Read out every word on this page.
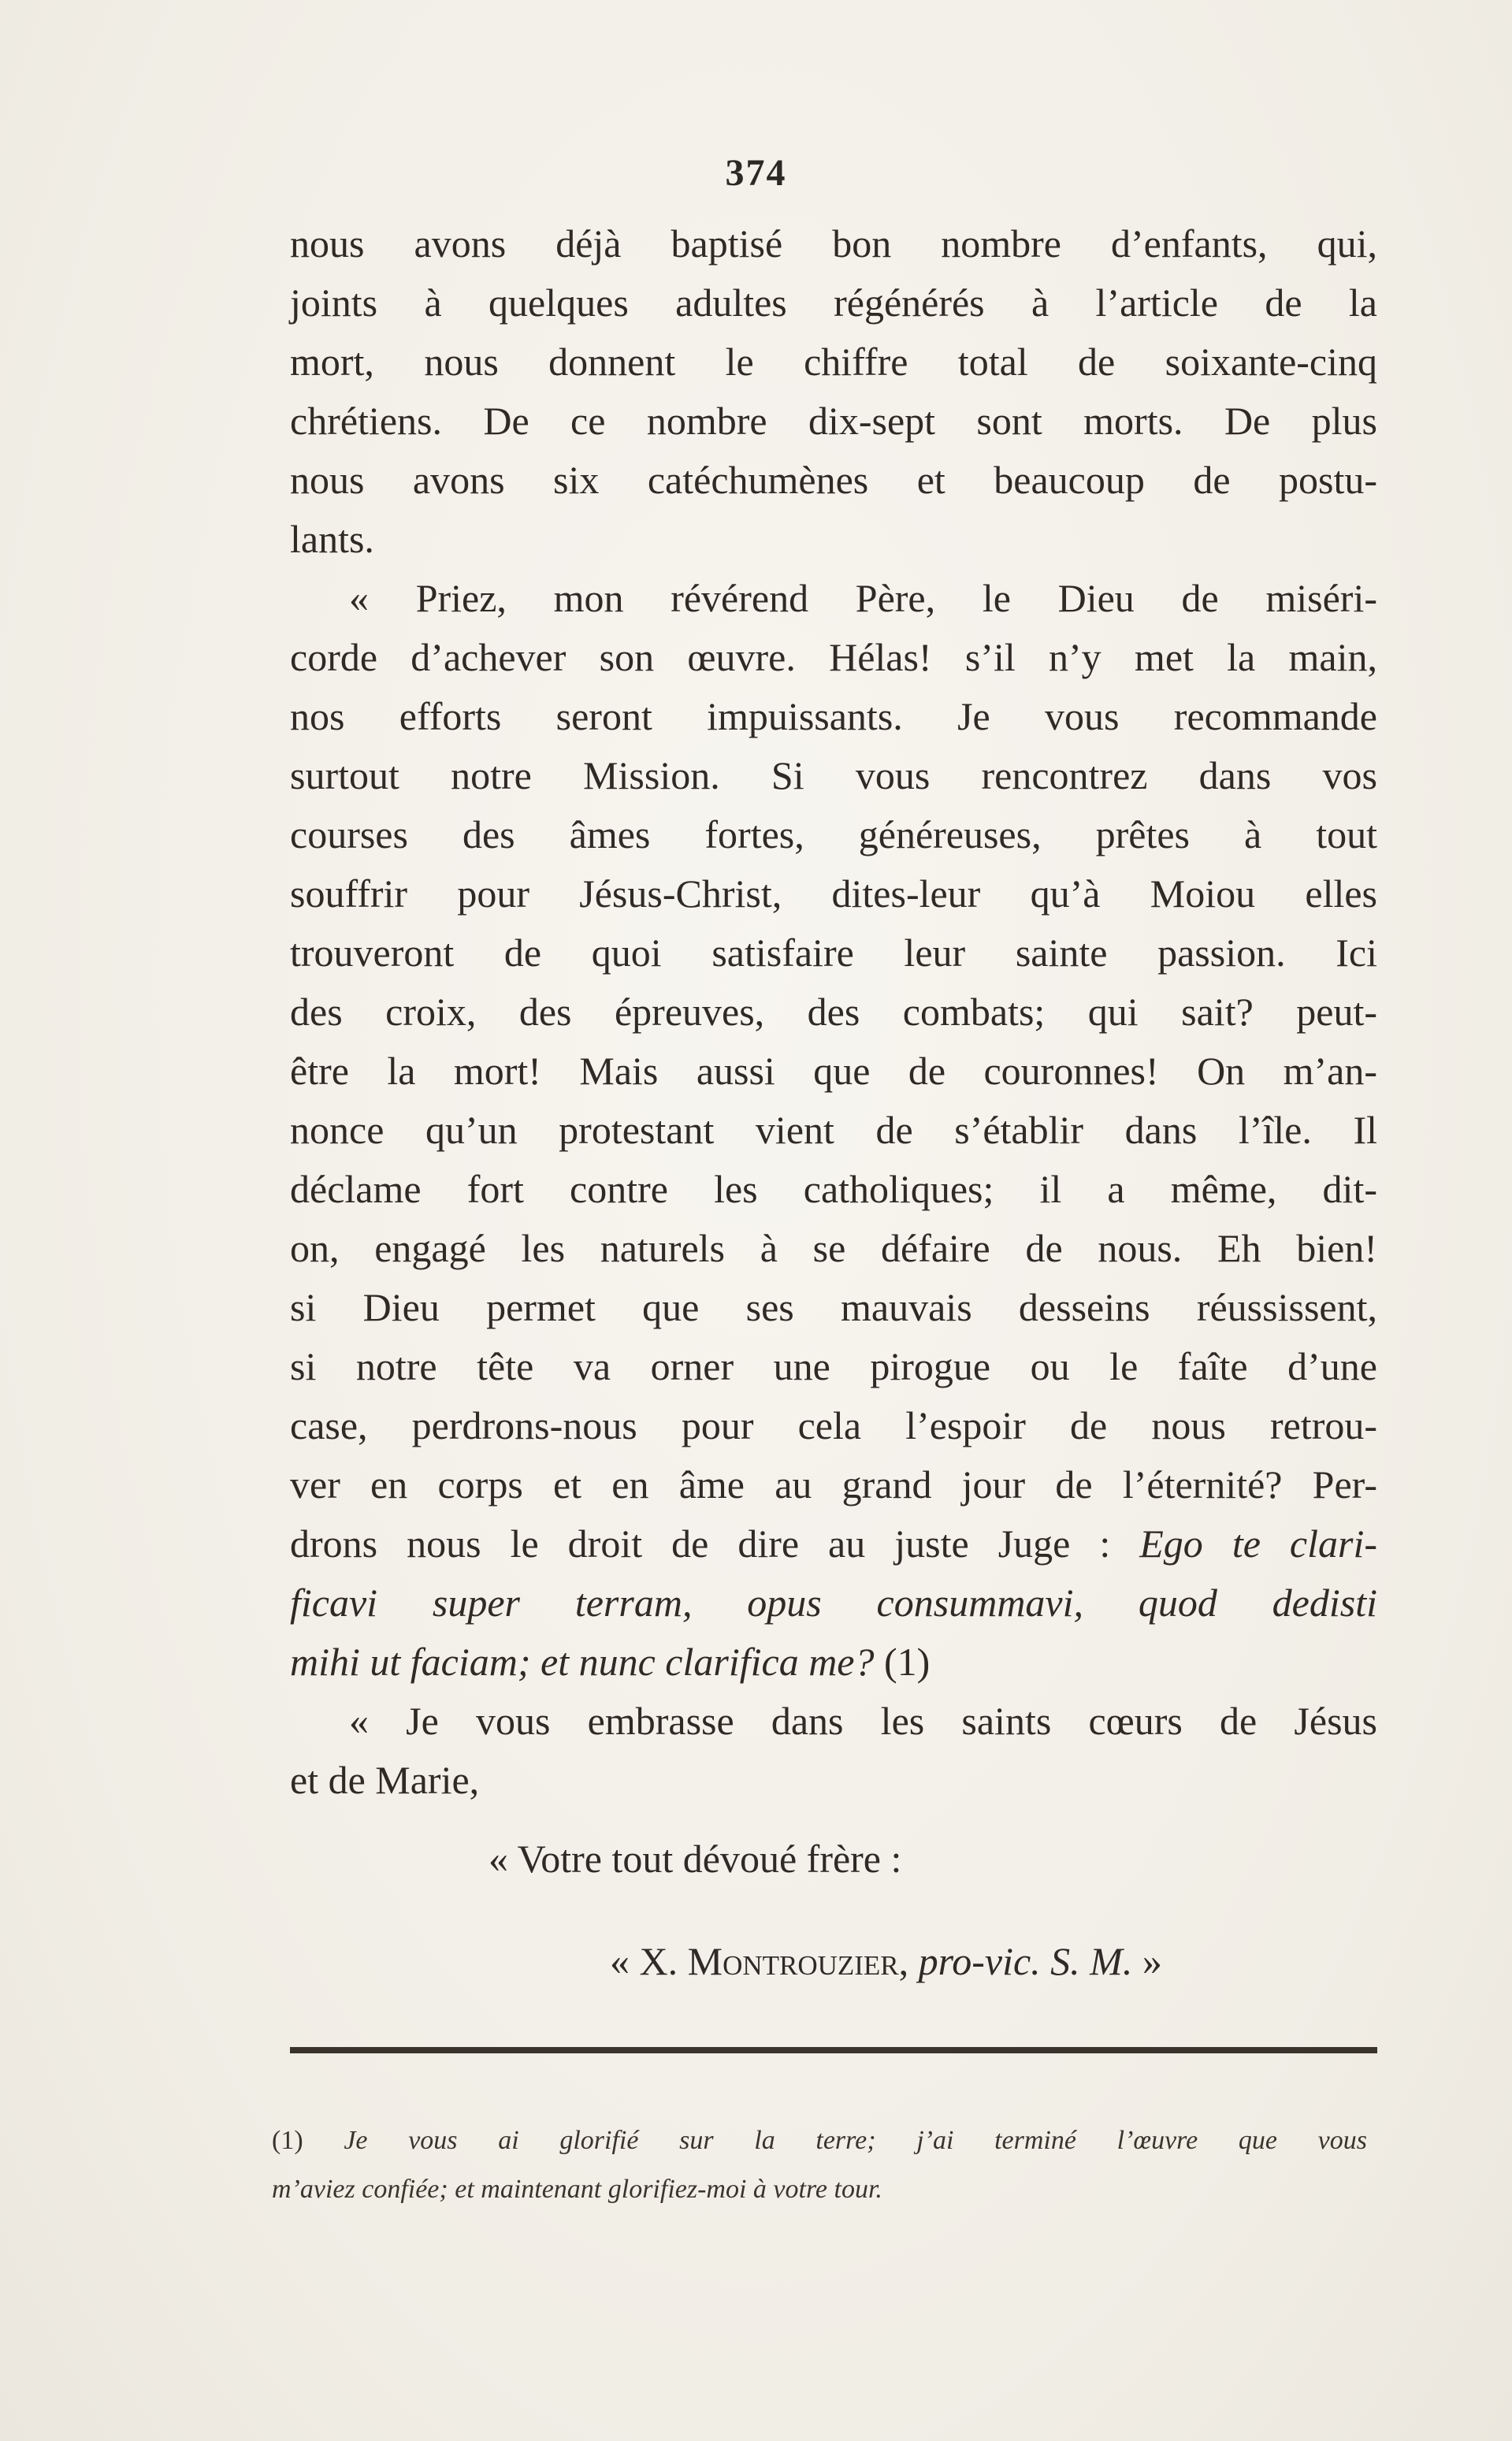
374
nous avons déjà baptisé bon nombre d’enfants, qui,
joints à quelques adultes régénérés à l’article de la
mort, nous donnent le chiffre total de soixante-cinq
chrétiens. De ce nombre dix-sept sont morts. De plus
nous avons six catéchumènes et beaucoup de postu-
lants.
« Priez, mon révérend Père, le Dieu de miséri-
corde d’achever son œuvre. Hélas! s’il n’y met la main,
nos efforts seront impuissants. Je vous recommande
surtout notre Mission. Si vous rencontrez dans vos
courses des âmes fortes, généreuses, prêtes à tout
souffrir pour Jésus-Christ, dites-leur qu’à Moiou elles
trouveront de quoi satisfaire leur sainte passion. Ici
des croix, des épreuves, des combats; qui sait? peut-
être la mort! Mais aussi que de couronnes! On m’an-
nonce qu’un protestant vient de s’établir dans l’île. Il
déclame fort contre les catholiques; il a même, dit-
on, engagé les naturels à se défaire de nous. Eh bien!
si Dieu permet que ses mauvais desseins réussissent,
si notre tête va orner une pirogue ou le faîte d’une
case, perdrons-nous pour cela l’espoir de nous retrou-
ver en corps et en âme au grand jour de l’éternité? Per-
drons nous le droit de dire au juste Juge : Ego te clari-
ficavi super terram, opus consummavi, quod dedisti
mihi ut faciam; et nunc clarifica me? (1)
« Je vous embrasse dans les saints cœurs de Jésus
et de Marie,
« Votre tout dévoué frère :
« X. Montrouzier, pro-vic. S. M. »
(1) Je vous ai glorifié sur la terre; j’ai terminé l’œuvre que vous
m’aviez confiée; et maintenant glorifiez-moi à votre tour.
